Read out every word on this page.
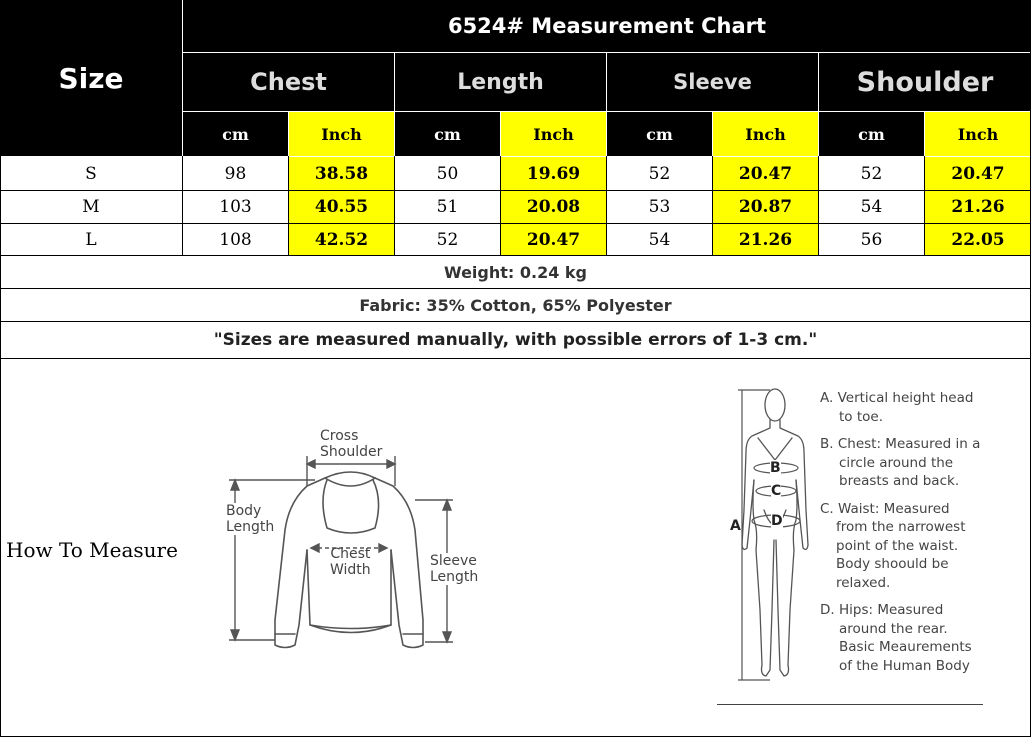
Size
6524# Measurement Chart
Chest	Length	Sleeve	Shoulder
cm	Inch	cm	Inch	cm	Inch	cm	Inch
S	98	38.58	50	19.69	52	20.47	52	20.47
M	103	40.55	51	20.08	53	20.87	54	21.26
L	108	42.52	52	20.47	54	21.26	56	22.05
Weight: 0.24 kg
Fabric: 35% Cotton, 65% Polyester
"Sizes are measured manually, with possible errors of 1-3 cm."
How To Measure
Cross
Shoulder
Body
Length
Chest
Width
Sleeve
Length
A
B
C
D

A. Vertical height head

to toe.

B. Chest: Measured in a

circle around the

breasts and back.

C. Waist: Measured

from the narrowest

point of the waist.

Body shoould be

relaxed.

D. Hips: Measured

around the rear.

Basic Meaurements

of the Human Body
